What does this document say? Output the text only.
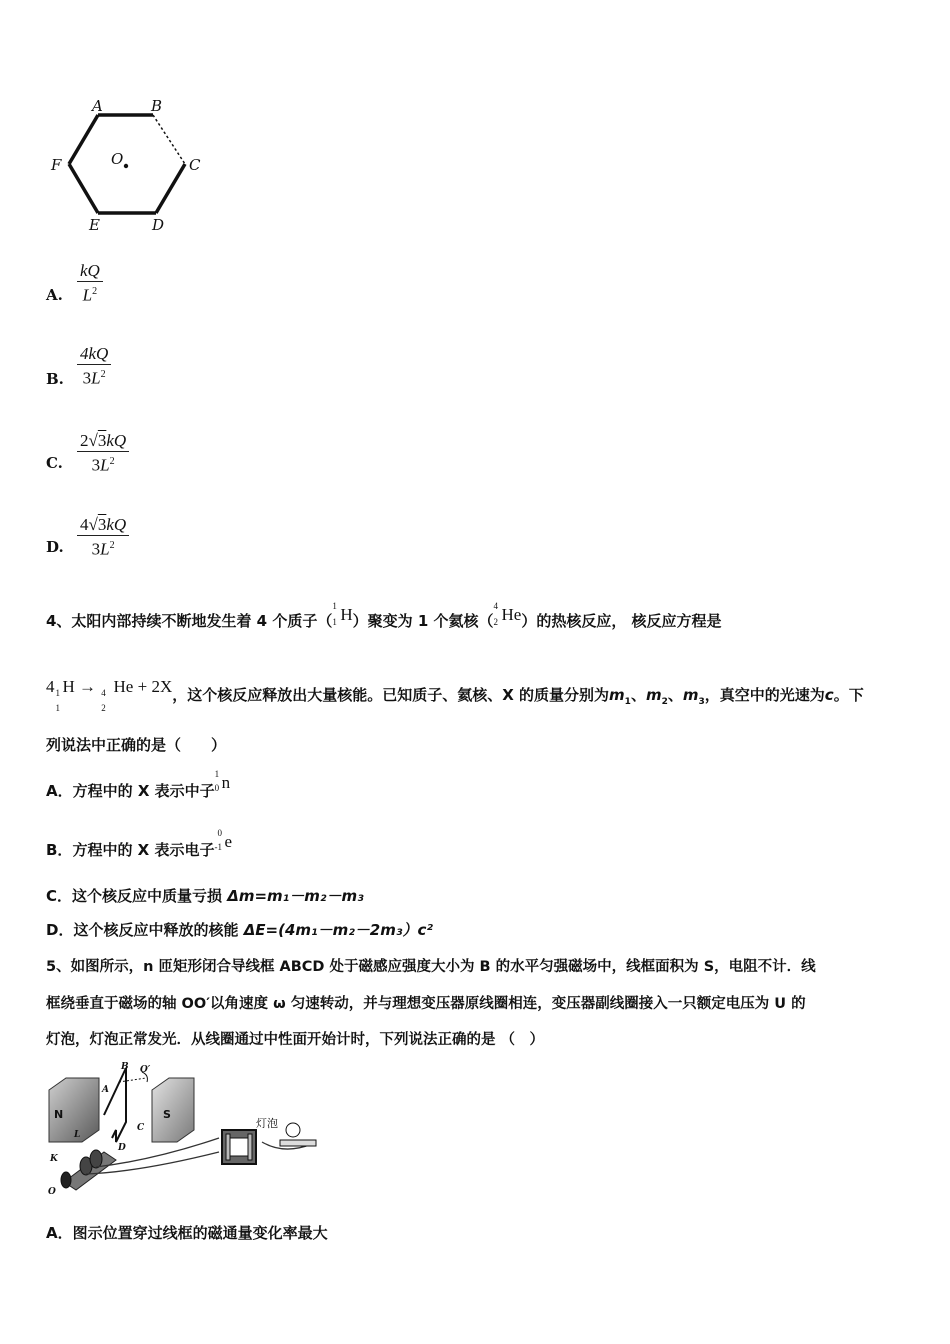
A	B
C
D
E
F	O
A. $\frac{kQ}{L^2}$
B. $\frac{4kQ}{3L^2}$
C. $\frac{2√3kQ}{3L^2}$
D. $\frac{4√3kQ}{3L^2}$
4、太阳内部持续不断地发生着 4 个质子（
1
1 H）聚变为 1 个氦核（
4
2 He）的热核反应， 核反应方程是
4 1
1
H → 4
2
He + 2X，这个核反应释放出大量核能。已知质子、氦核、X 的质量分别为$m_1$、$m_2$、$m_3$，真空中的光速为c。下
列说法中正确的是（　　）
A．方程中的 X 表示中子
1
0 n
B．方程中的 X 表示电子
0
-1 e
C．这个核反应中质量亏损 Δm=m₁－m₂－m₃
D．这个核反应中释放的核能 ΔE=(4m₁－m₂－2m₃）c²
5、如图所示，n 匝矩形闭合导线框 ABCD 处于磁感应强度大小为 B 的水平匀强磁场中，线框面积为 S，电阻不计．线
框绕垂直于磁场的轴 OO′以角速度 ω 匀速转动，并与理想变压器原线圈相连，变压器副线圈接入一只额定电压为 U 的
灯泡，灯泡正常发光．从线圈通过中性面开始计时，下列说法正确的是 （　）
N	S
灯泡
A
B
C
D
L
K
O
O′
A．图示位置穿过线框的磁通量变化率最大
